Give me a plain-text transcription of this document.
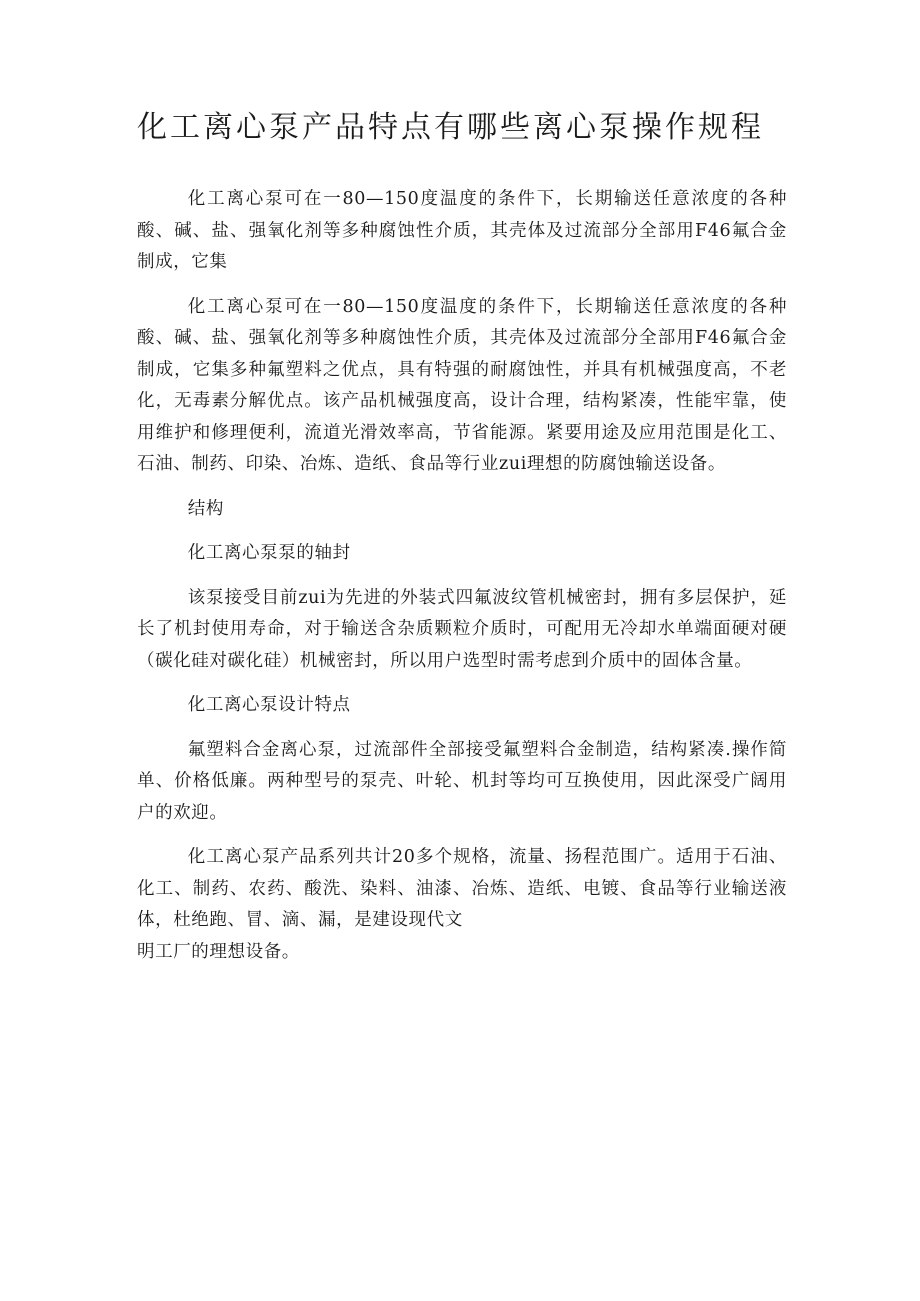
化工离心泵产品特点有哪些离心泵操作规程

化工离心泵可在一80—150度温度的条件下，长期输送任意浓度的各种酸、碱、盐、强氧化剂等多种腐蚀性介质，其壳体及过流部分全部用F46氟合金制成，它集

化工离心泵可在一80—150度温度的条件下，长期输送任意浓度的各种酸、碱、盐、强氧化剂等多种腐蚀性介质，其壳体及过流部分全部用F46氟合金制成，它集多种氟塑料之优点，具有特强的耐腐蚀性，并具有机械强度高，不老化，无毒素分解优点。该产品机械强度高，设计合理，结构紧凑，性能牢靠，使用维护和修理便利，流道光滑效率高，节省能源。紧要用途及应用范围是化工、石油、制药、印染、冶炼、造纸、食品等行业zui理想的防腐蚀输送设备。

结构

化工离心泵泵的轴封

该泵接受目前zui为先进的外装式四氟波纹管机械密封，拥有多层保护，延长了机封使用寿命，对于输送含杂质颗粒介质时，可配用无冷却水单端面硬对硬（碳化硅对碳化硅）机械密封，所以用户选型时需考虑到介质中的固体含量。

化工离心泵设计特点

氟塑料合金离心泵，过流部件全部接受氟塑料合金制造，结构紧凑.操作简单、价格低廉。两种型号的泵壳、叶轮、机封等均可互换使用，因此深受广阔用户的欢迎。

化工离心泵产品系列共计20多个规格，流量、扬程范围广。适用于石油、化工、制药、农药、酸洗、染料、油漆、冶炼、造纸、电镀、食品等行业输送液体，杜绝跑、冒、滴、漏，是建设现代文

明工厂的理想设备。
